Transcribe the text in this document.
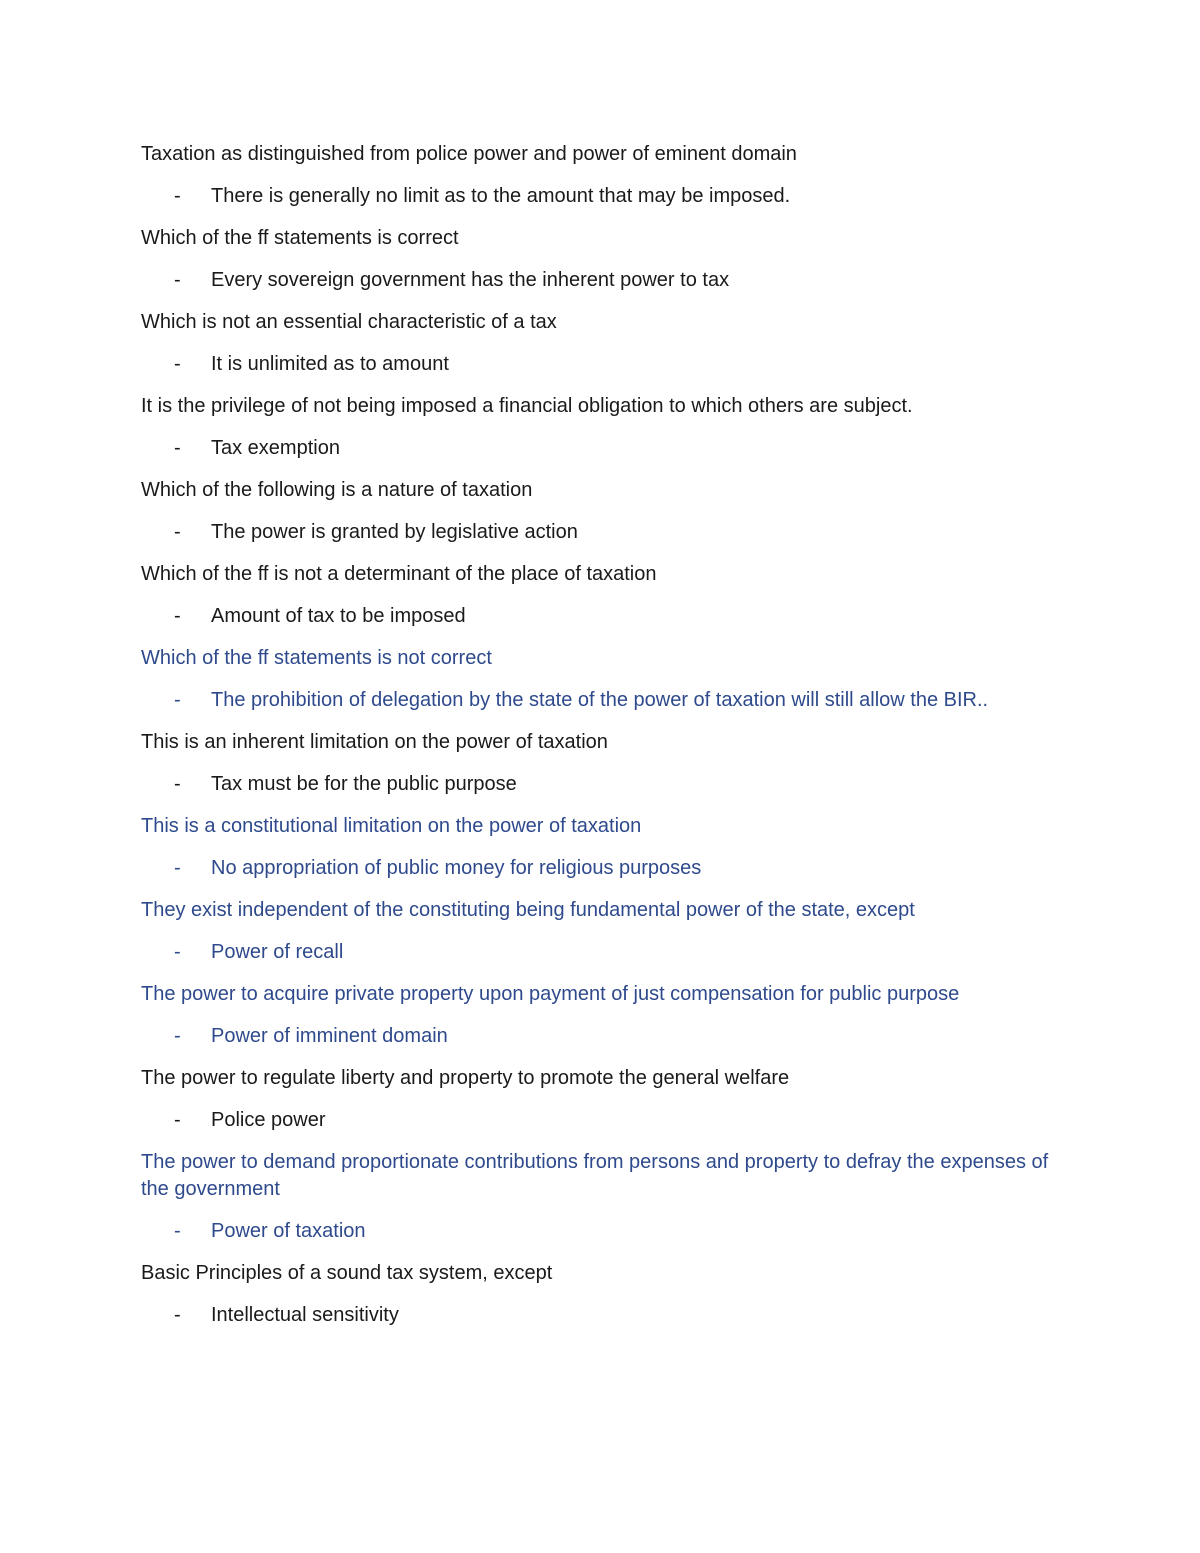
Taxation as distinguished from police power and power of eminent domain

- There is generally no limit as to the amount that may be imposed.

Which of the ff statements is correct

- Every sovereign government has the inherent power to tax

Which is not an essential characteristic of a tax

- It is unlimited as to amount

It is the privilege of not being imposed a financial obligation to which others are subject.

- Tax exemption

Which of the following is a nature of taxation

- The power is granted by legislative action

Which of the ff is not a determinant of the place of taxation

- Amount of tax to be imposed

Which of the ff statements is not correct

- The prohibition of delegation by the state of the power of taxation will still allow the BIR..

This is an inherent limitation on the power of taxation

- Tax must be for the public purpose

This is a constitutional limitation on the power of taxation

- No appropriation of public money for religious purposes

They exist independent of the constituting being fundamental power of the state, except

- Power of recall

The power to acquire private property upon payment of just compensation for public purpose

- Power of imminent domain

The power to regulate liberty and property to promote the general welfare

- Police power

The power to demand proportionate contributions from persons and property to defray the expenses of the government

- Power of taxation

Basic Principles of a sound tax system, except

- Intellectual sensitivity
